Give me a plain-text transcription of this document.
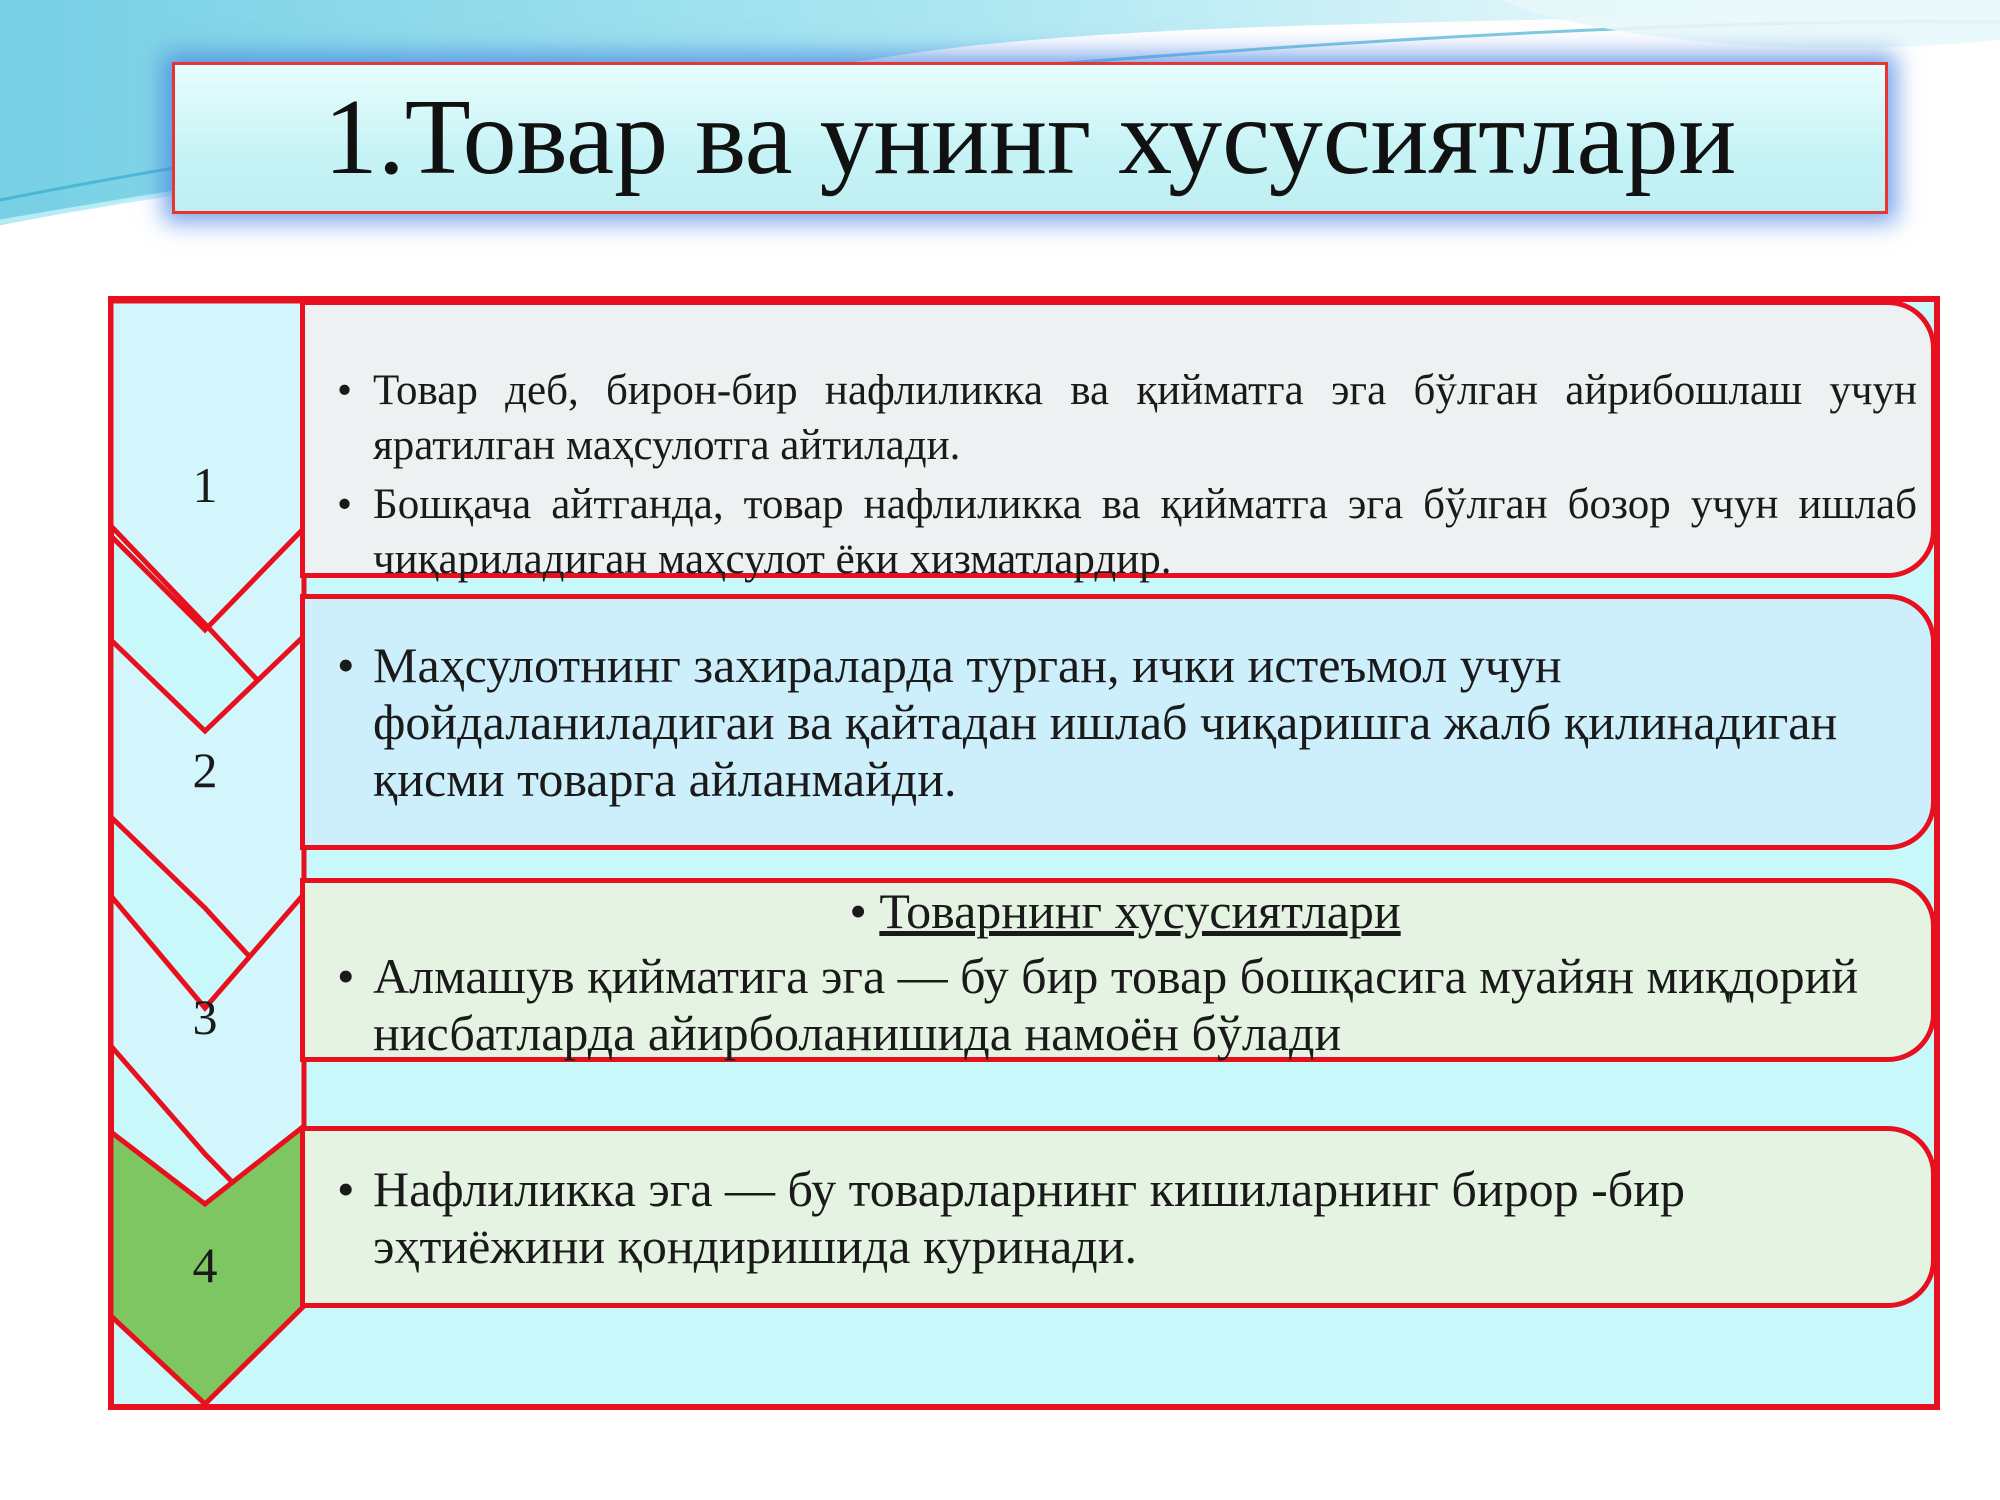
1.Товар ва унинг хусусиятлари
1
2
3
4
• Товар деб, бирон-бир нафлиликка ва қийматга эга бўлган айрибошлаш учун яратилган маҳсулотга айтилади.
• Бошқача айтганда, товар нафлиликка ва қийматга эга бўлган бозор учун ишлаб чиқариладиган маҳсулот ёки хизматлардир.
• Маҳсулотнинг захираларда турган, ички истеъмол учун фойдаланиладигаи ва қайтадан ишлаб чиқаришга жалб қилинадиган қисми товарга айланмайди.
• Товарнинг хусусиятлари
• Алмашув қийматига эга — бу бир товар бошқасига муайян миқдорий нисбатларда айирболанишида намоён бўлади
• Нафлиликка эга — бу товарларнинг кишиларнинг бирор -бир эҳтиёжини қондиришида куринади.
